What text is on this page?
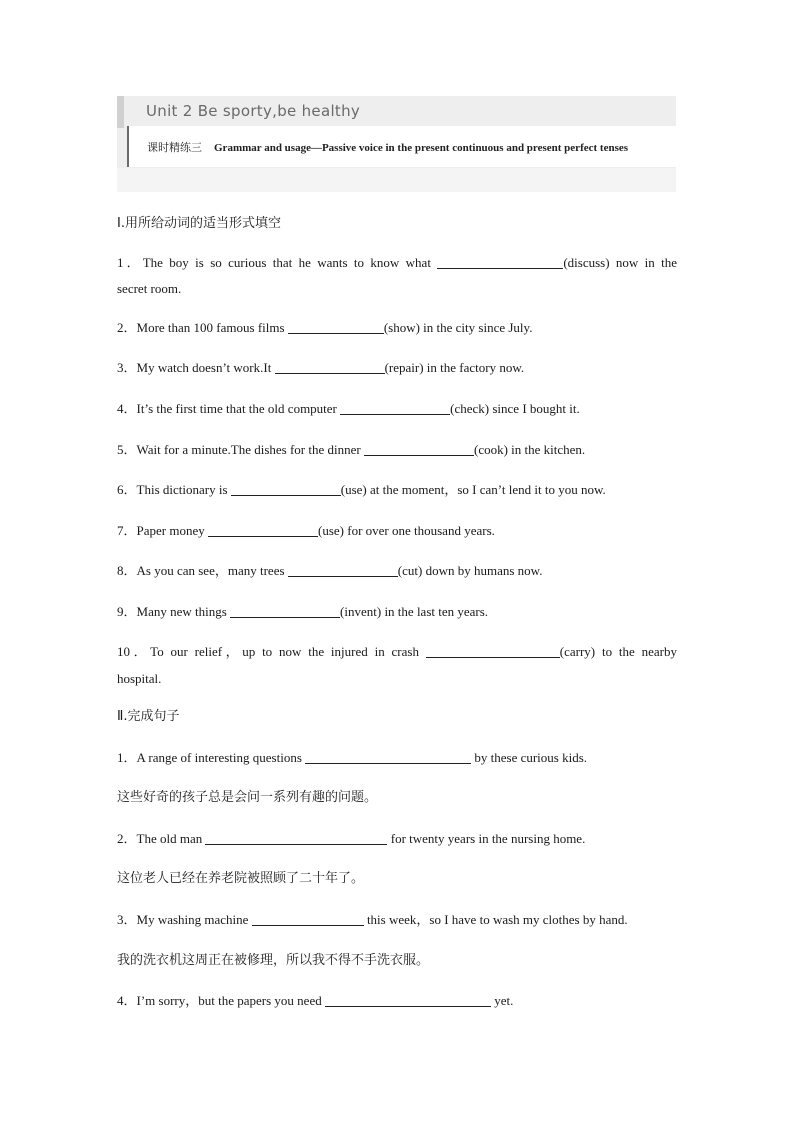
Unit 2 Be sporty,be healthy
课时精练三 Grammar and usage—Passive voice in the present continuous and present perfect tenses
Ⅰ.用所给动词的适当形式填空
1．The boy is so curious that he wants to know what	(discuss) now in the
secret room.
2．More than 100 famous films	(show) in the city since July.
3．My watch doesn’t work.It	(repair) in the factory now.
4．It’s the first time that the old computer	(check) since I bought it.
5．Wait for a minute.The dishes for the dinner	(cook) in the kitchen.
6．This dictionary is	(use) at the moment，so I can’t lend it to you now.
7．Paper money	(use) for over one thousand years.
8．As you can see，many trees	(cut) down by humans now.
9．Many new things	(invent) in the last ten years.
10．To our relief，up to now the injured in crash	(carry) to the nearby
hospital.
Ⅱ.完成句子
1．A range of interesting questions	by these curious kids.
这些好奇的孩子总是会问一系列有趣的问题。
2．The old man	for twenty years in the nursing home.
这位老人已经在养老院被照顾了二十年了。
3．My washing machine	this week，so I have to wash my clothes by hand.
我的洗衣机这周正在被修理，所以我不得不手洗衣服。
4．I’m sorry，but the papers you need	yet.
